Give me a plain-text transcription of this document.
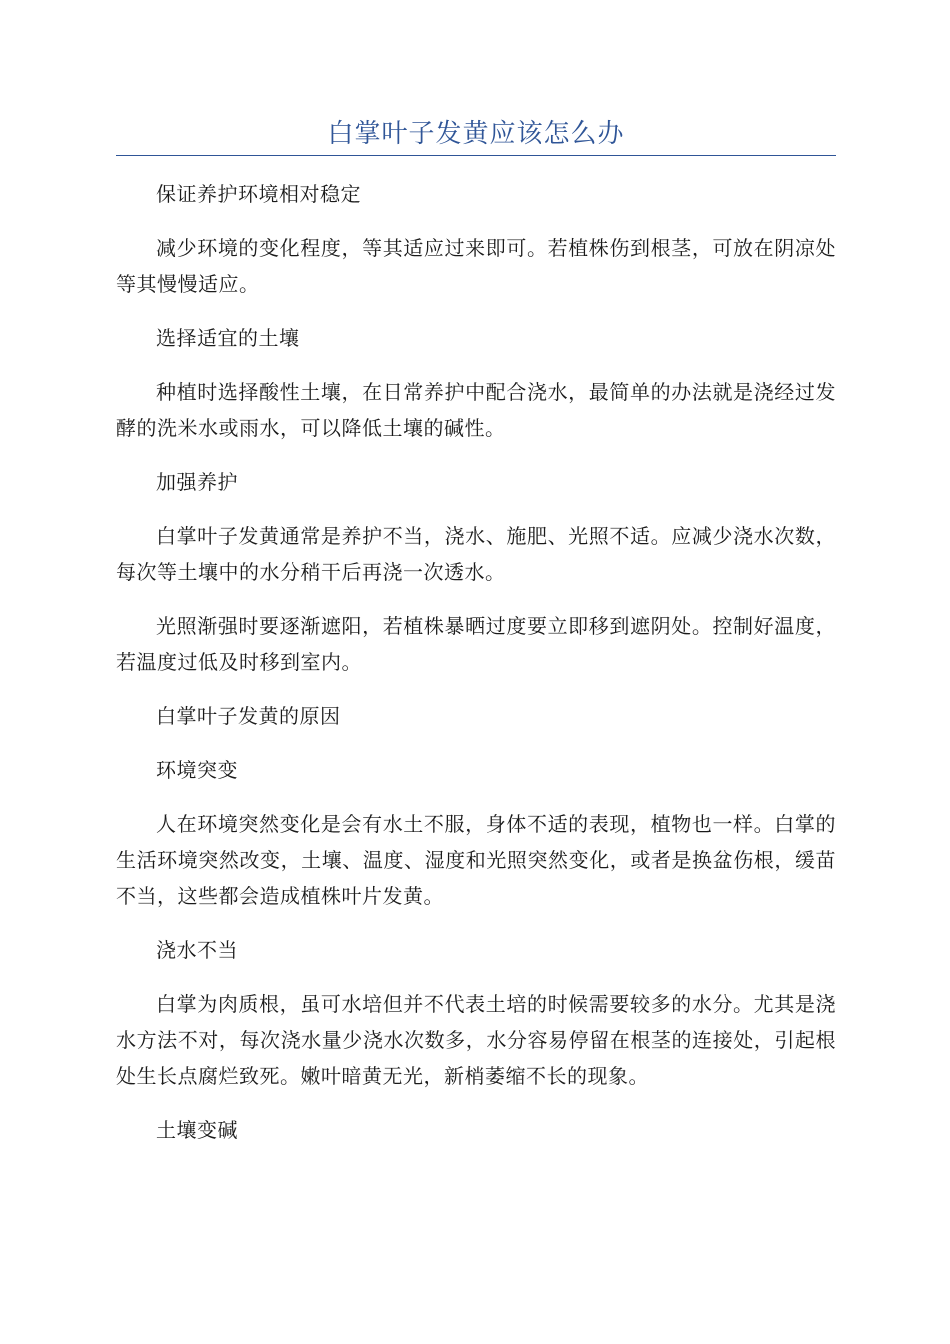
白掌叶子发黄应该怎么办

保证养护环境相对稳定

减少环境的变化程度，等其适应过来即可。若植株伤到根茎，可放在阴凉处等其慢慢适应。

选择适宜的土壤

种植时选择酸性土壤，在日常养护中配合浇水，最简单的办法就是浇经过发酵的洗米水或雨水，可以降低土壤的碱性。

加强养护

白掌叶子发黄通常是养护不当，浇水、施肥、光照不适。应减少浇水次数，每次等土壤中的水分稍干后再浇一次透水。

光照渐强时要逐渐遮阳，若植株暴晒过度要立即移到遮阴处。控制好温度，若温度过低及时移到室内。

白掌叶子发黄的原因

环境突变

人在环境突然变化是会有水土不服，身体不适的表现，植物也一样。白掌的生活环境突然改变，土壤、温度、湿度和光照突然变化，或者是换盆伤根，缓苗不当，这些都会造成植株叶片发黄。

浇水不当

白掌为肉质根，虽可水培但并不代表土培的时候需要较多的水分。尤其是浇水方法不对，每次浇水量少浇水次数多，水分容易停留在根茎的连接处，引起根处生长点腐烂致死。嫩叶暗黄无光，新梢萎缩不长的现象。

土壤变碱
